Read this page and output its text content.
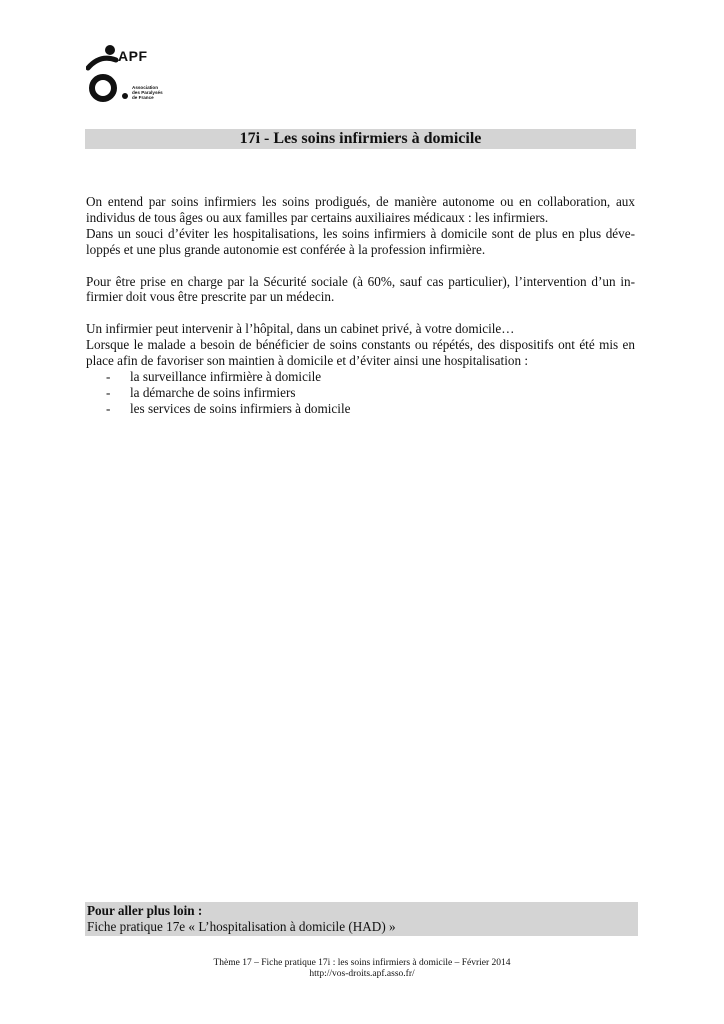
APF
Association
des Paralysés
de France
17i - Les soins infirmiers à domicile

On entend par soins infirmiers les soins prodigués, de manière autonome ou en collaboration, aux individus de tous âges ou aux familles par certains auxiliaires médicaux : les infirmiers.

Dans un souci d’éviter les hospitalisations, les soins infirmiers à domicile sont de plus en plus déve-loppés et une plus grande autonomie est conférée à la profession infirmière.

Pour être prise en charge par la Sécurité sociale (à 60%, sauf cas particulier), l’intervention d’un in-firmier doit vous être prescrite par un médecin.

Un infirmier peut intervenir à l’hôpital, dans un cabinet privé, à votre domicile…

Lorsque le malade a besoin de bénéficier de soins constants ou répétés, des dispositifs ont été mis en place afin de favoriser son maintien à domicile et d’éviter ainsi une hospitalisation :

- la surveillance infirmière à domicile
- la démarche de soins infirmiers
- les services de soins infirmiers à domicile
Pour aller plus loin :
Fiche pratique 17e « L’hospitalisation à domicile (HAD) »
Thème 17 – Fiche pratique 17i : les soins infirmiers à domicile – Février 2014
http://vos-droits.apf.asso.fr/
